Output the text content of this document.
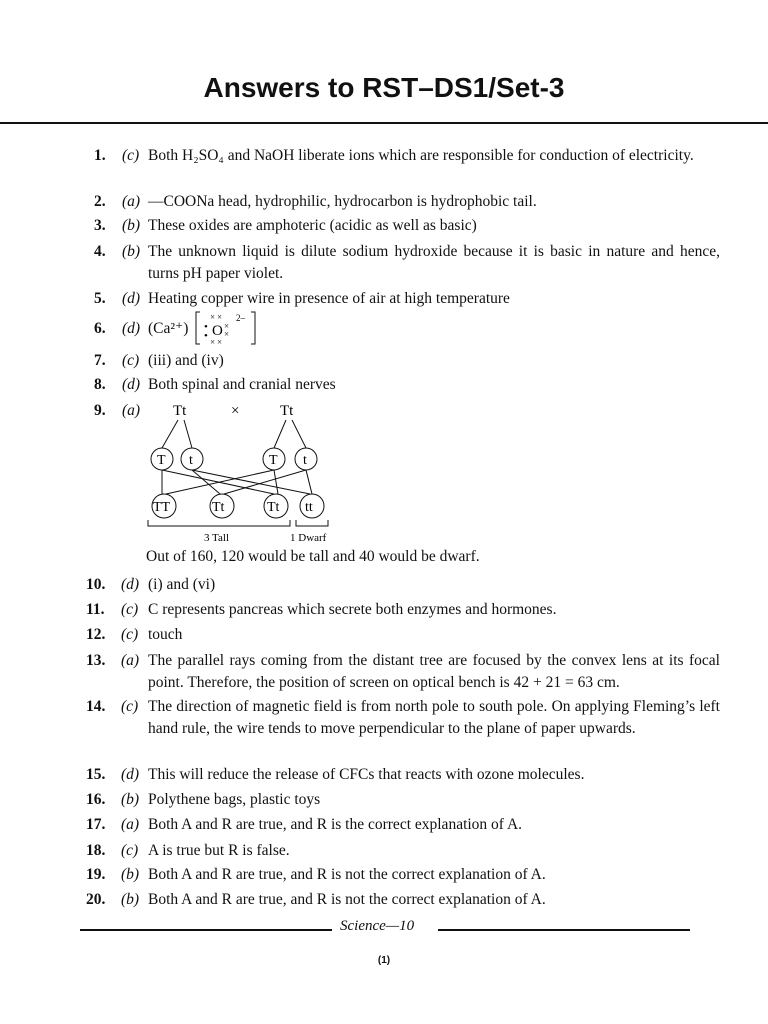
Answers to RST–DS1/Set-3
1.	(c) Both H₂SO₄ and NaOH liberate ions which are responsible for conduction of electricity.
2.	(a) —COONa head, hydrophilic, hydrocarbon is hydrophobic tail.
3.	(b) These oxides are amphoteric (acidic as well as basic)
4.	(b) The unknown liquid is dilute sodium hydroxide because it is basic in nature and hence, turns pH paper violet.
5.	(d) Heating copper wire in presence of air at high temperature
6.	(d) (Ca²⁺) O
•
•
× ×
×
×
× ×
2–
7.	(c) (iii) and (iv)
8.	(d) Both spinal and cranial nerves
9.	(a) Tt	×	Tt
T t	T t
TT	Tt	Tt tt
3 Tall	1 Dwarf
Out of 160, 120 would be tall and 40 would be dwarf.
10.	(d) (i) and (vi)
11.	(c) C represents pancreas which secrete both enzymes and hormones.
12.	(c) touch
13.	(a) The parallel rays coming from the distant tree are focused by the convex lens at its focal point. Therefore, the position of screen on optical bench is 42 + 21 = 63 cm.
14.	(c) The direction of magnetic field is from north pole to south pole. On applying Fleming’s left hand rule, the wire tends to move perpendicular to the plane of paper upwards.
15.	(d) This will reduce the release of CFCs that reacts with ozone molecules.
16.	(b) Polythene bags, plastic toys
17.	(a) Both A and R are true, and R is the correct explanation of A.
18.	(c) A is true but R is false.
19.	(b) Both A and R are true, and R is not the correct explanation of A.
20.	(b) Both A and R are true, and R is not the correct explanation of A.
Science—10
(1)
